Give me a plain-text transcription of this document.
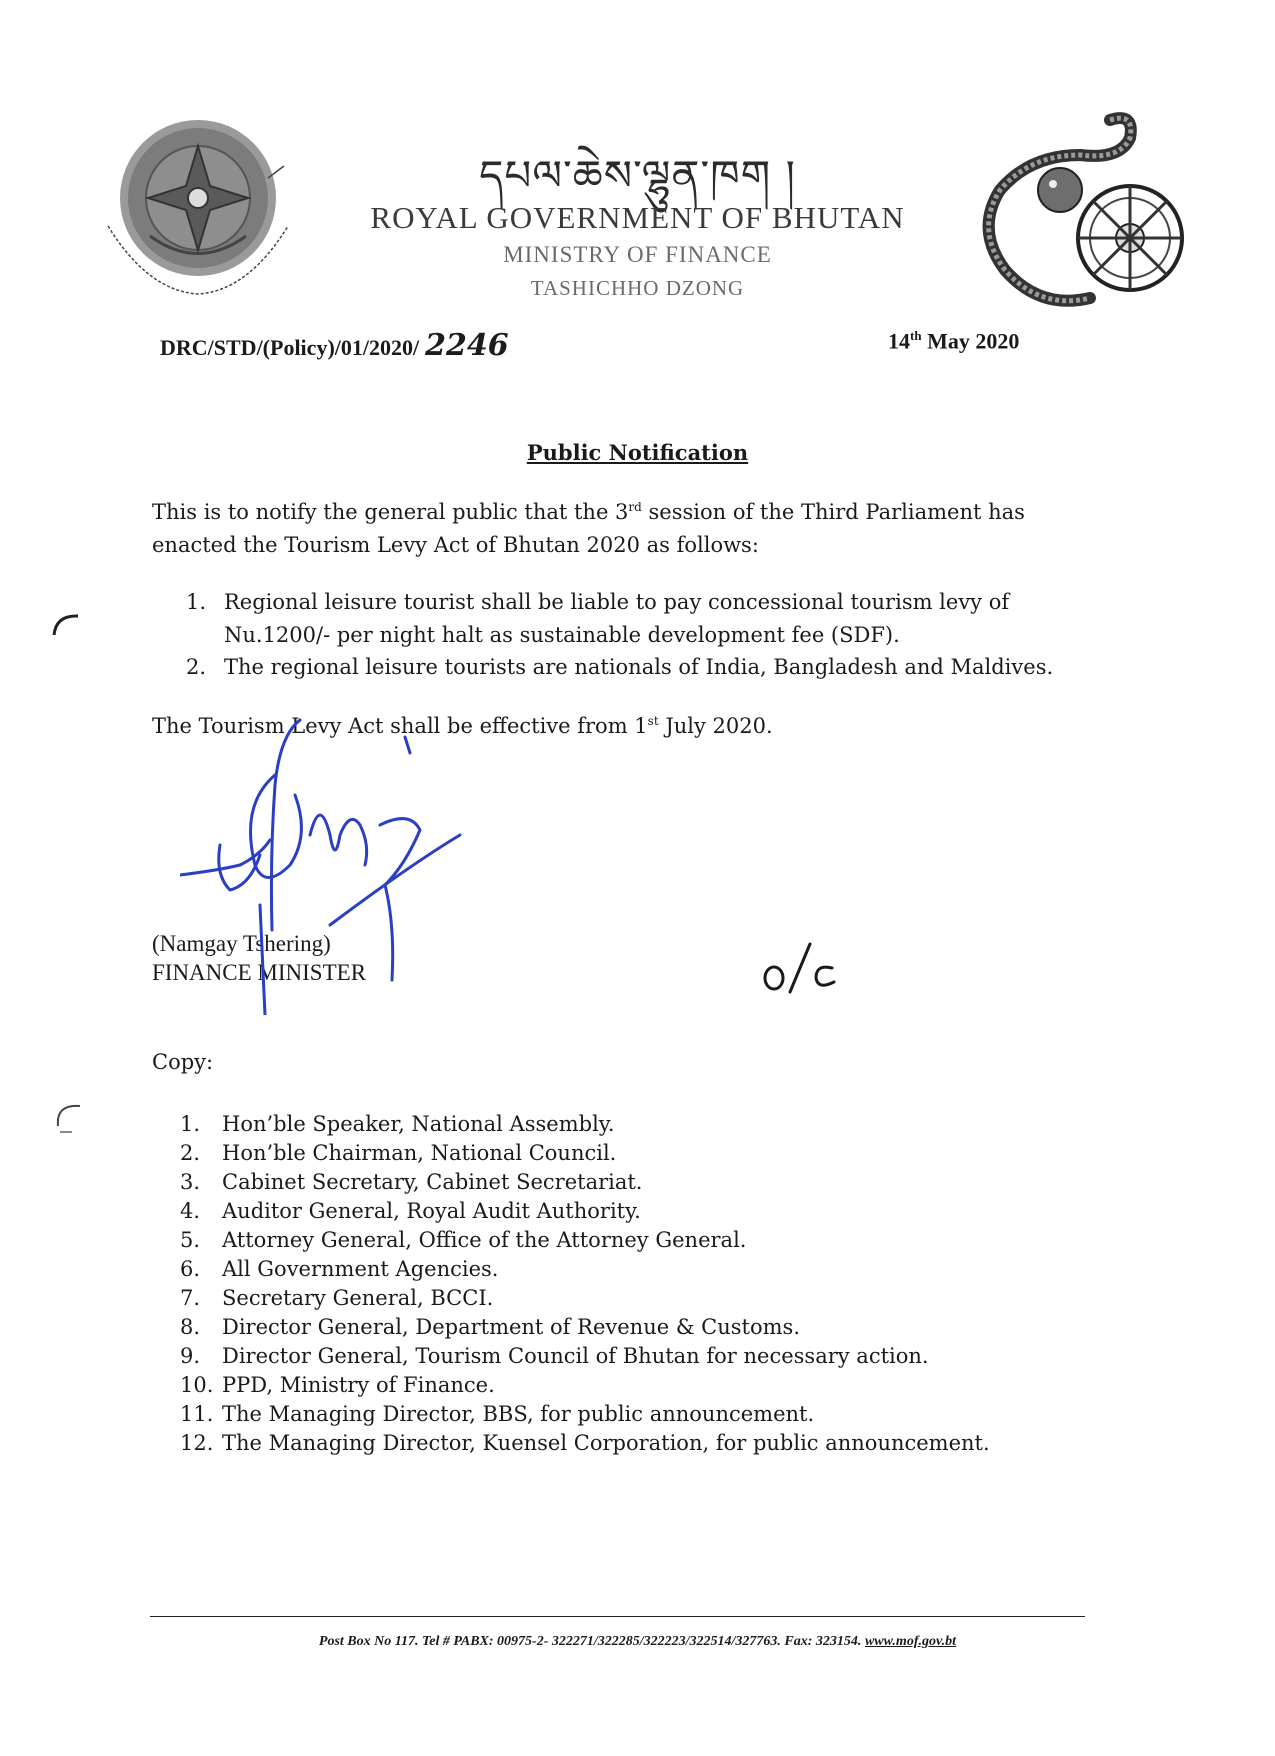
དཔལ་ཆེས་ལྷུན་ཁག །
ROYAL GOVERNMENT OF BHUTAN
MINISTRY OF FINANCE
TASHICHHO DZONG
DRC/STD/(Policy)/01/2020/ 2246	14th May 2020
Public Notification
This is to notify the general public that the 3rd session of the Third Parliament has enacted the Tourism Levy Act of Bhutan 2020 as follows:
1. Regional leisure tourist shall be liable to pay concessional tourism levy of Nu.1200/- per night halt as sustainable development fee (SDF).
2. The regional leisure tourists are nationals of India, Bangladesh and Maldives.
The Tourism Levy Act shall be effective from 1st July 2020.
(Namgay Tshering)
FINANCE MINISTER
Copy:
1.	Hon’ble Speaker, National Assembly.
2.	Hon’ble Chairman, National Council.
3.	Cabinet Secretary, Cabinet Secretariat.
4.	Auditor General, Royal Audit Authority.
5.	Attorney General, Office of the Attorney General.
6.	All Government Agencies.
7.	Secretary General, BCCI.
8.	Director General, Department of Revenue & Customs.
9.	Director General, Tourism Council of Bhutan for necessary action.
10. PPD, Ministry of Finance.
11. The Managing Director, BBS, for public announcement.
12. The Managing Director, Kuensel Corporation, for public announcement.
Post Box No 117. Tel # PABX: 00975-2- 322271/322285/322223/322514/327763. Fax: 323154. www.mof.gov.bt
